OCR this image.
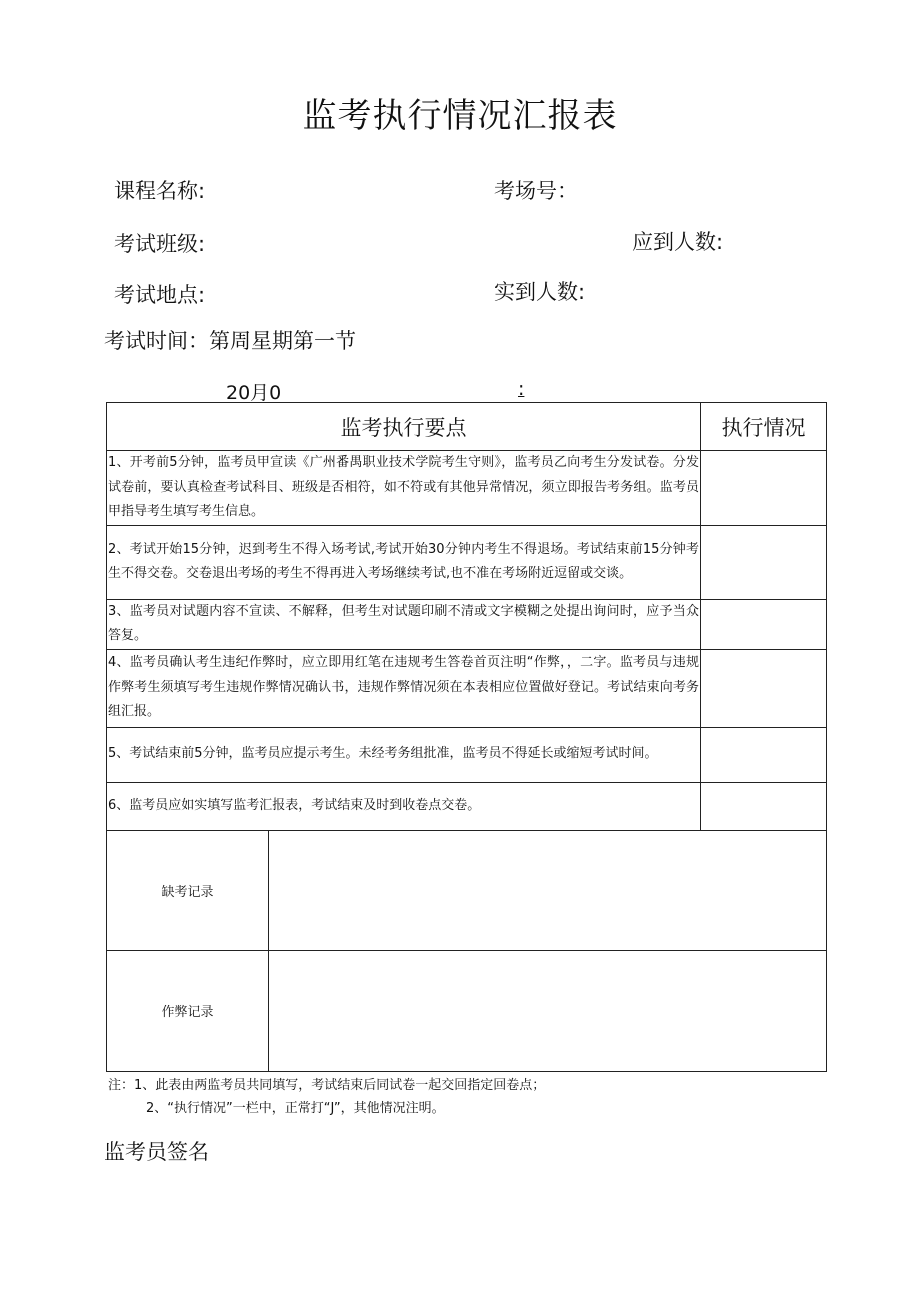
监考执行情况汇报表
课程名称:	考场号：
考试班级:	应到人数:
考试地点:	实到人数:
考试时间：第周星期第一节
20月0	:
监考执行要点		执行情况
1、开考前5分钟，监考员甲宣读《广州番禺职业技术学院考生守则》，监考员乙向考生分发试卷。分发试卷前，要认真检查考试科目、班级是否相符，如不符或有其他异常情况，须立即报告考务组。监考员甲指导考生填写考生信息。		
2、考试开始15分钟，迟到考生不得入场考试,考试开始30分钟内考生不得退场。考试结束前15分钟考生不得交卷。交卷退出考场的考生不得再进入考场继续考试,也不准在考场附近逗留或交谈。		
3、监考员对试题内容不宣读、不解释，但考生对试题印刷不清或文字模糊之处提出询问时，应予当众答复。		
4、监考员确认考生违纪作弊时，应立即用红笔在违规考生答卷首页注明“作弊，，二字。监考员与违规作弊考生须填写考生违规作弊情况确认书，违规作弊情况须在本表相应位置做好登记。考试结束向考务组汇报。		
5、考试结束前5分钟，监考员应提示考生。未经考务组批准，监考员不得延长或缩短考试时间。		
6、监考员应如实填写监考汇报表，考试结束及时到收卷点交卷。		
缺考记录		
作弊记录		
注：1、此表由两监考员共同填写，考试结束后同试卷一起交回指定回卷点；
2、“执行情况”一栏中，正常打“J”，其他情况注明。
监考员签名
